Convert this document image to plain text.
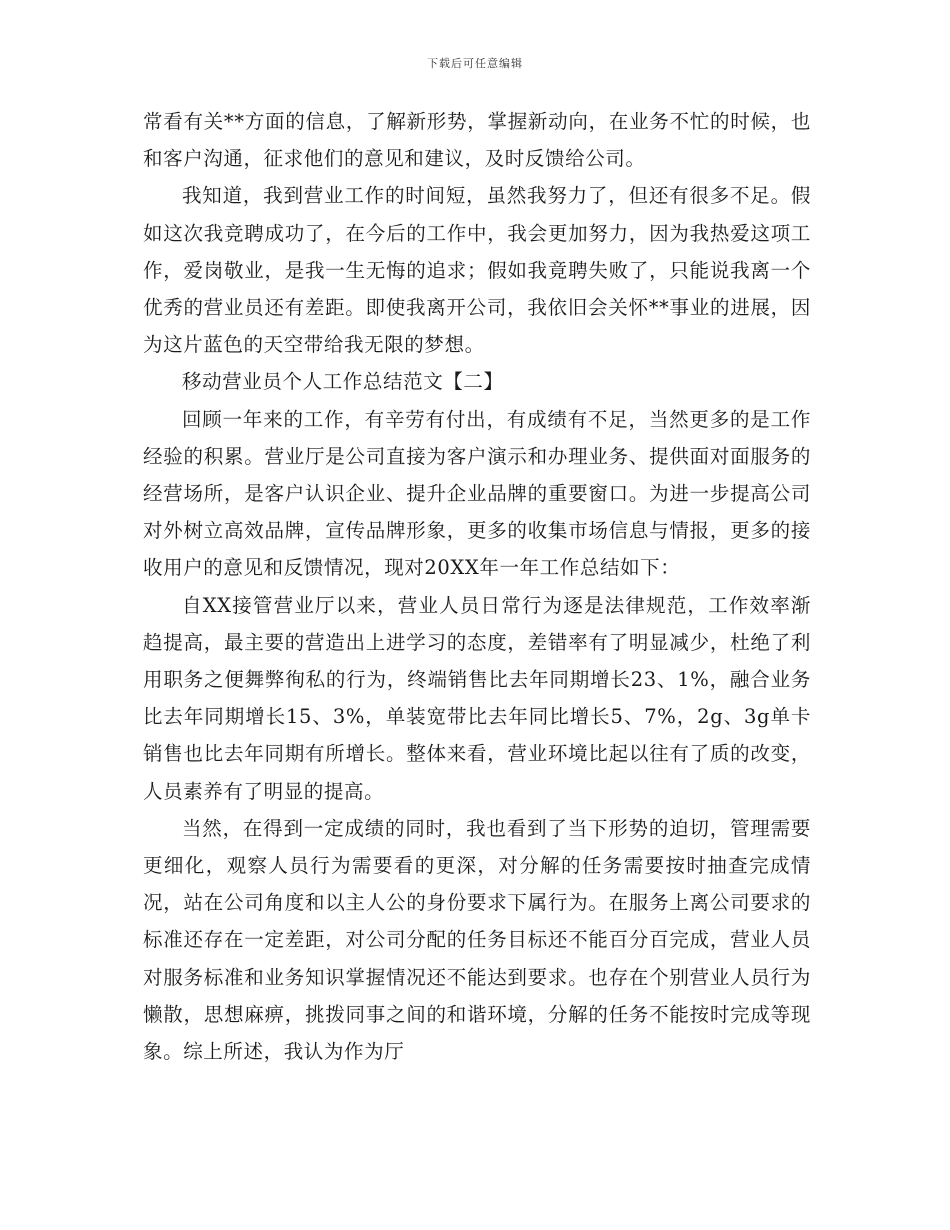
下载后可任意编辑

常看有关**方面的信息，了解新形势，掌握新动向，在业务不忙的时候，也和客户沟通，征求他们的意见和建议，及时反馈给公司。

我知道，我到营业工作的时间短，虽然我努力了，但还有很多不足。假如这次我竞聘成功了，在今后的工作中，我会更加努力，因为我热爱这项工作，爱岗敬业，是我一生无悔的追求；假如我竟聘失败了，只能说我离一个优秀的营业员还有差距。即使我离开公司，我依旧会关怀**事业的进展，因为这片蓝色的天空带给我无限的梦想。

移动营业员个人工作总结范文【二】

回顾一年来的工作，有辛劳有付出，有成绩有不足，当然更多的是工作经验的积累。营业厅是公司直接为客户演示和办理业务、提供面对面服务的经营场所，是客户认识企业、提升企业品牌的重要窗口。为进一步提高公司对外树立高效品牌，宣传品牌形象，更多的收集市场信息与情报，更多的接收用户的意见和反馈情况，现对20XX年一年工作总结如下：

自XX接管营业厅以来，营业人员日常行为逐是法律规范，工作效率渐趋提高，最主要的营造出上进学习的态度，差错率有了明显减少，杜绝了利用职务之便舞弊徇私的行为，终端销售比去年同期增长23、1%，融合业务比去年同期增长15、3%，单装宽带比去年同比增长5、7%，2g、3g单卡销售也比去年同期有所增长。整体来看，营业环境比起以往有了质的改变，人员素养有了明显的提高。

当然，在得到一定成绩的同时，我也看到了当下形势的迫切，管理需要更细化，观察人员行为需要看的更深，对分解的任务需要按时抽查完成情况，站在公司角度和以主人公的身份要求下属行为。在服务上离公司要求的标准还存在一定差距，对公司分配的任务目标还不能百分百完成，营业人员对服务标准和业务知识掌握情况还不能达到要求。也存在个别营业人员行为懒散，思想麻痹，挑拨同事之间的和谐环境，分解的任务不能按时完成等现象。综上所述，我认为作为厅
